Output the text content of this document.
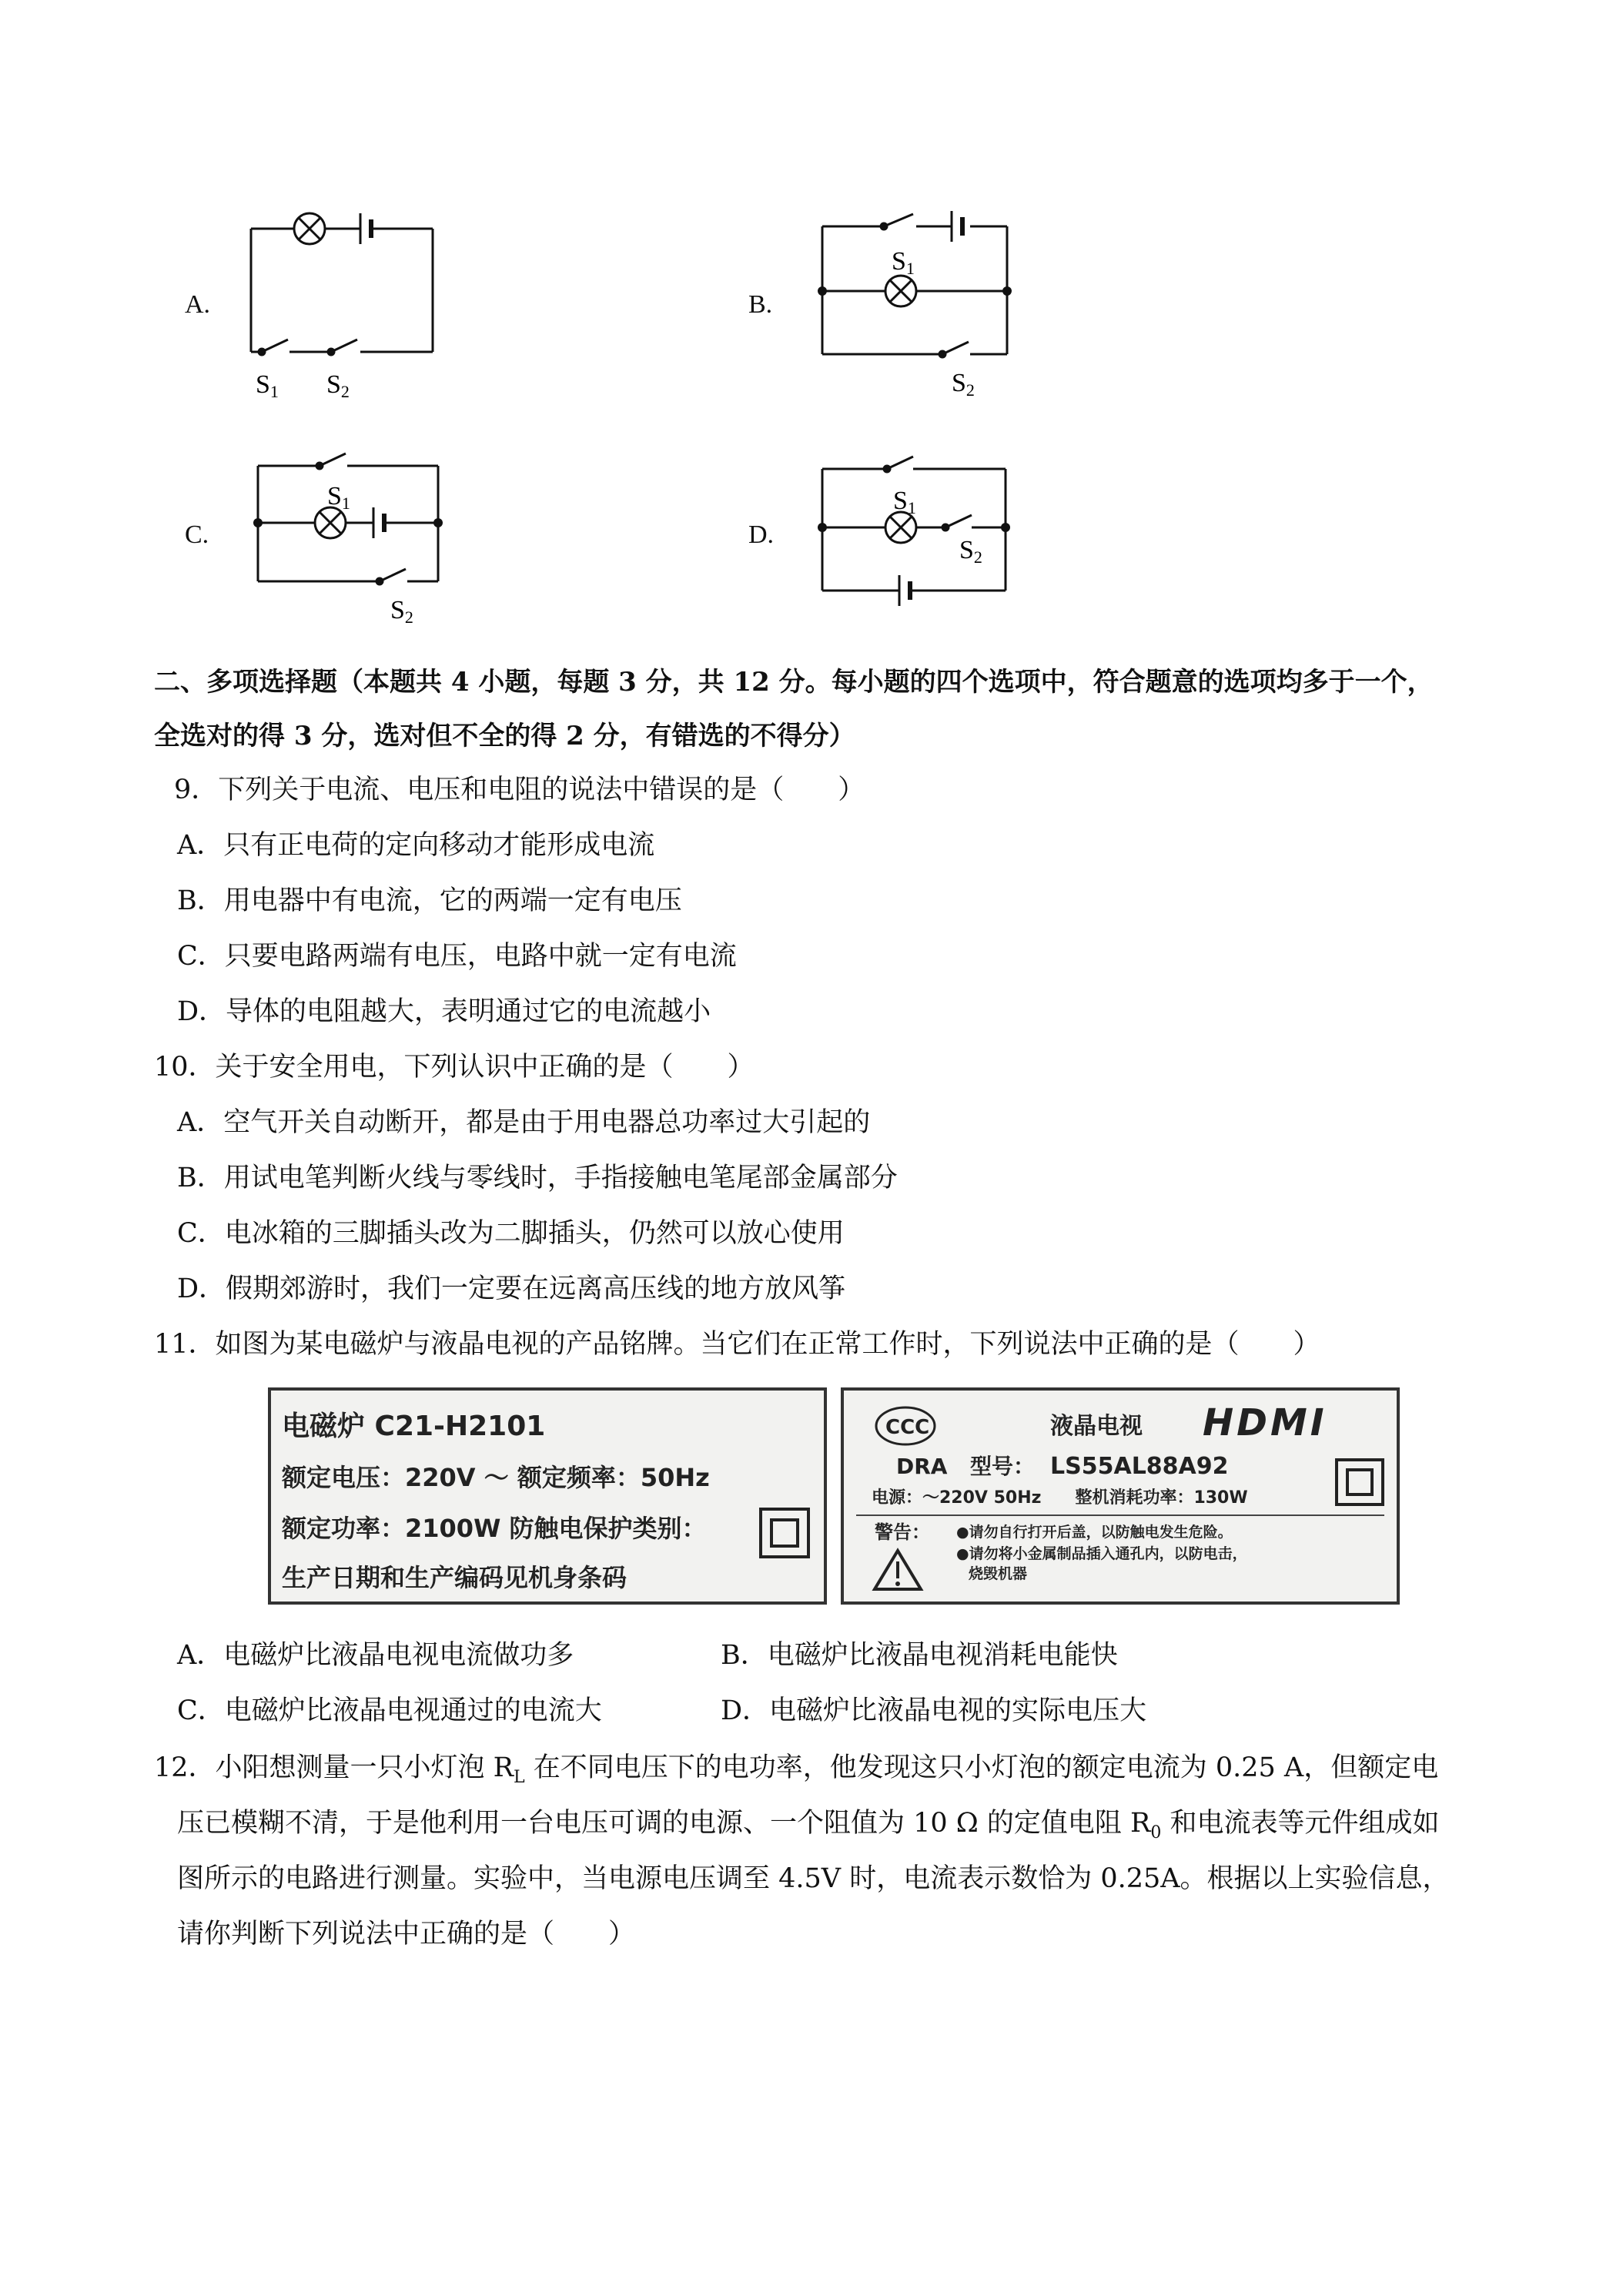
A.
S1 S2
B.
S1
S2
C.
S1
S2
D.
S1
S2
二、多项选择题（本题共 4 小题，每题 3 分，共 12 分。每小题的四个选项中，符合题意的选项均多于一个，
全选对的得 3 分，选对但不全的得 2 分，有错选的不得分）
9．下列关于电流、电压和电阻的说法中错误的是（　　）
A．只有正电荷的定向移动才能形成电流
B．用电器中有电流，它的两端一定有电压
C．只要电路两端有电压，电路中就一定有电流
D．导体的电阻越大，表明通过它的电流越小
10．关于安全用电，下列认识中正确的是（　　）
A．空气开关自动断开，都是由于用电器总功率过大引起的
B．用试电笔判断火线与零线时，手指接触电笔尾部金属部分
C．电冰箱的三脚插头改为二脚插头，仍然可以放心使用
D．假期郊游时，我们一定要在远离高压线的地方放风筝
11．如图为某电磁炉与液晶电视的产品铭牌。当它们在正常工作时，下列说法中正确的是（　　）
电磁炉 C21-H2101
额定电压：220V ～ 额定频率：50Hz
额定功率：2100W 防触电保护类别：
生产日期和生产编码见机身条码
CCC	液晶电视 HDMI
DRA 型号： LS55AL88A92
电源：～220V 50Hz　　整机消耗功率：130W
警告： ●请勿自行打开后盖，以防触电发生危险。
●请勿将小金属制品插入通孔内，以防电击，
烧毁机器
A．电磁炉比液晶电视电流做功多	B．电磁炉比液晶电视消耗电能快
C．电磁炉比液晶电视通过的电流大	D．电磁炉比液晶电视的实际电压大
12．小阳想测量一只小灯泡 $R_L$ 在不同电压下的电功率，他发现这只小灯泡的额定电流为 0.25 A，但额定电
压已模糊不清，于是他利用一台电压可调的电源、一个阻值为 10 Ω 的定值电阻 $R_0$ 和电流表等元件组成如
图所示的电路进行测量。实验中，当电源电压调至 4.5V 时，电流表示数恰为 0.25A。根据以上实验信息，
请你判断下列说法中正确的是（　　）
